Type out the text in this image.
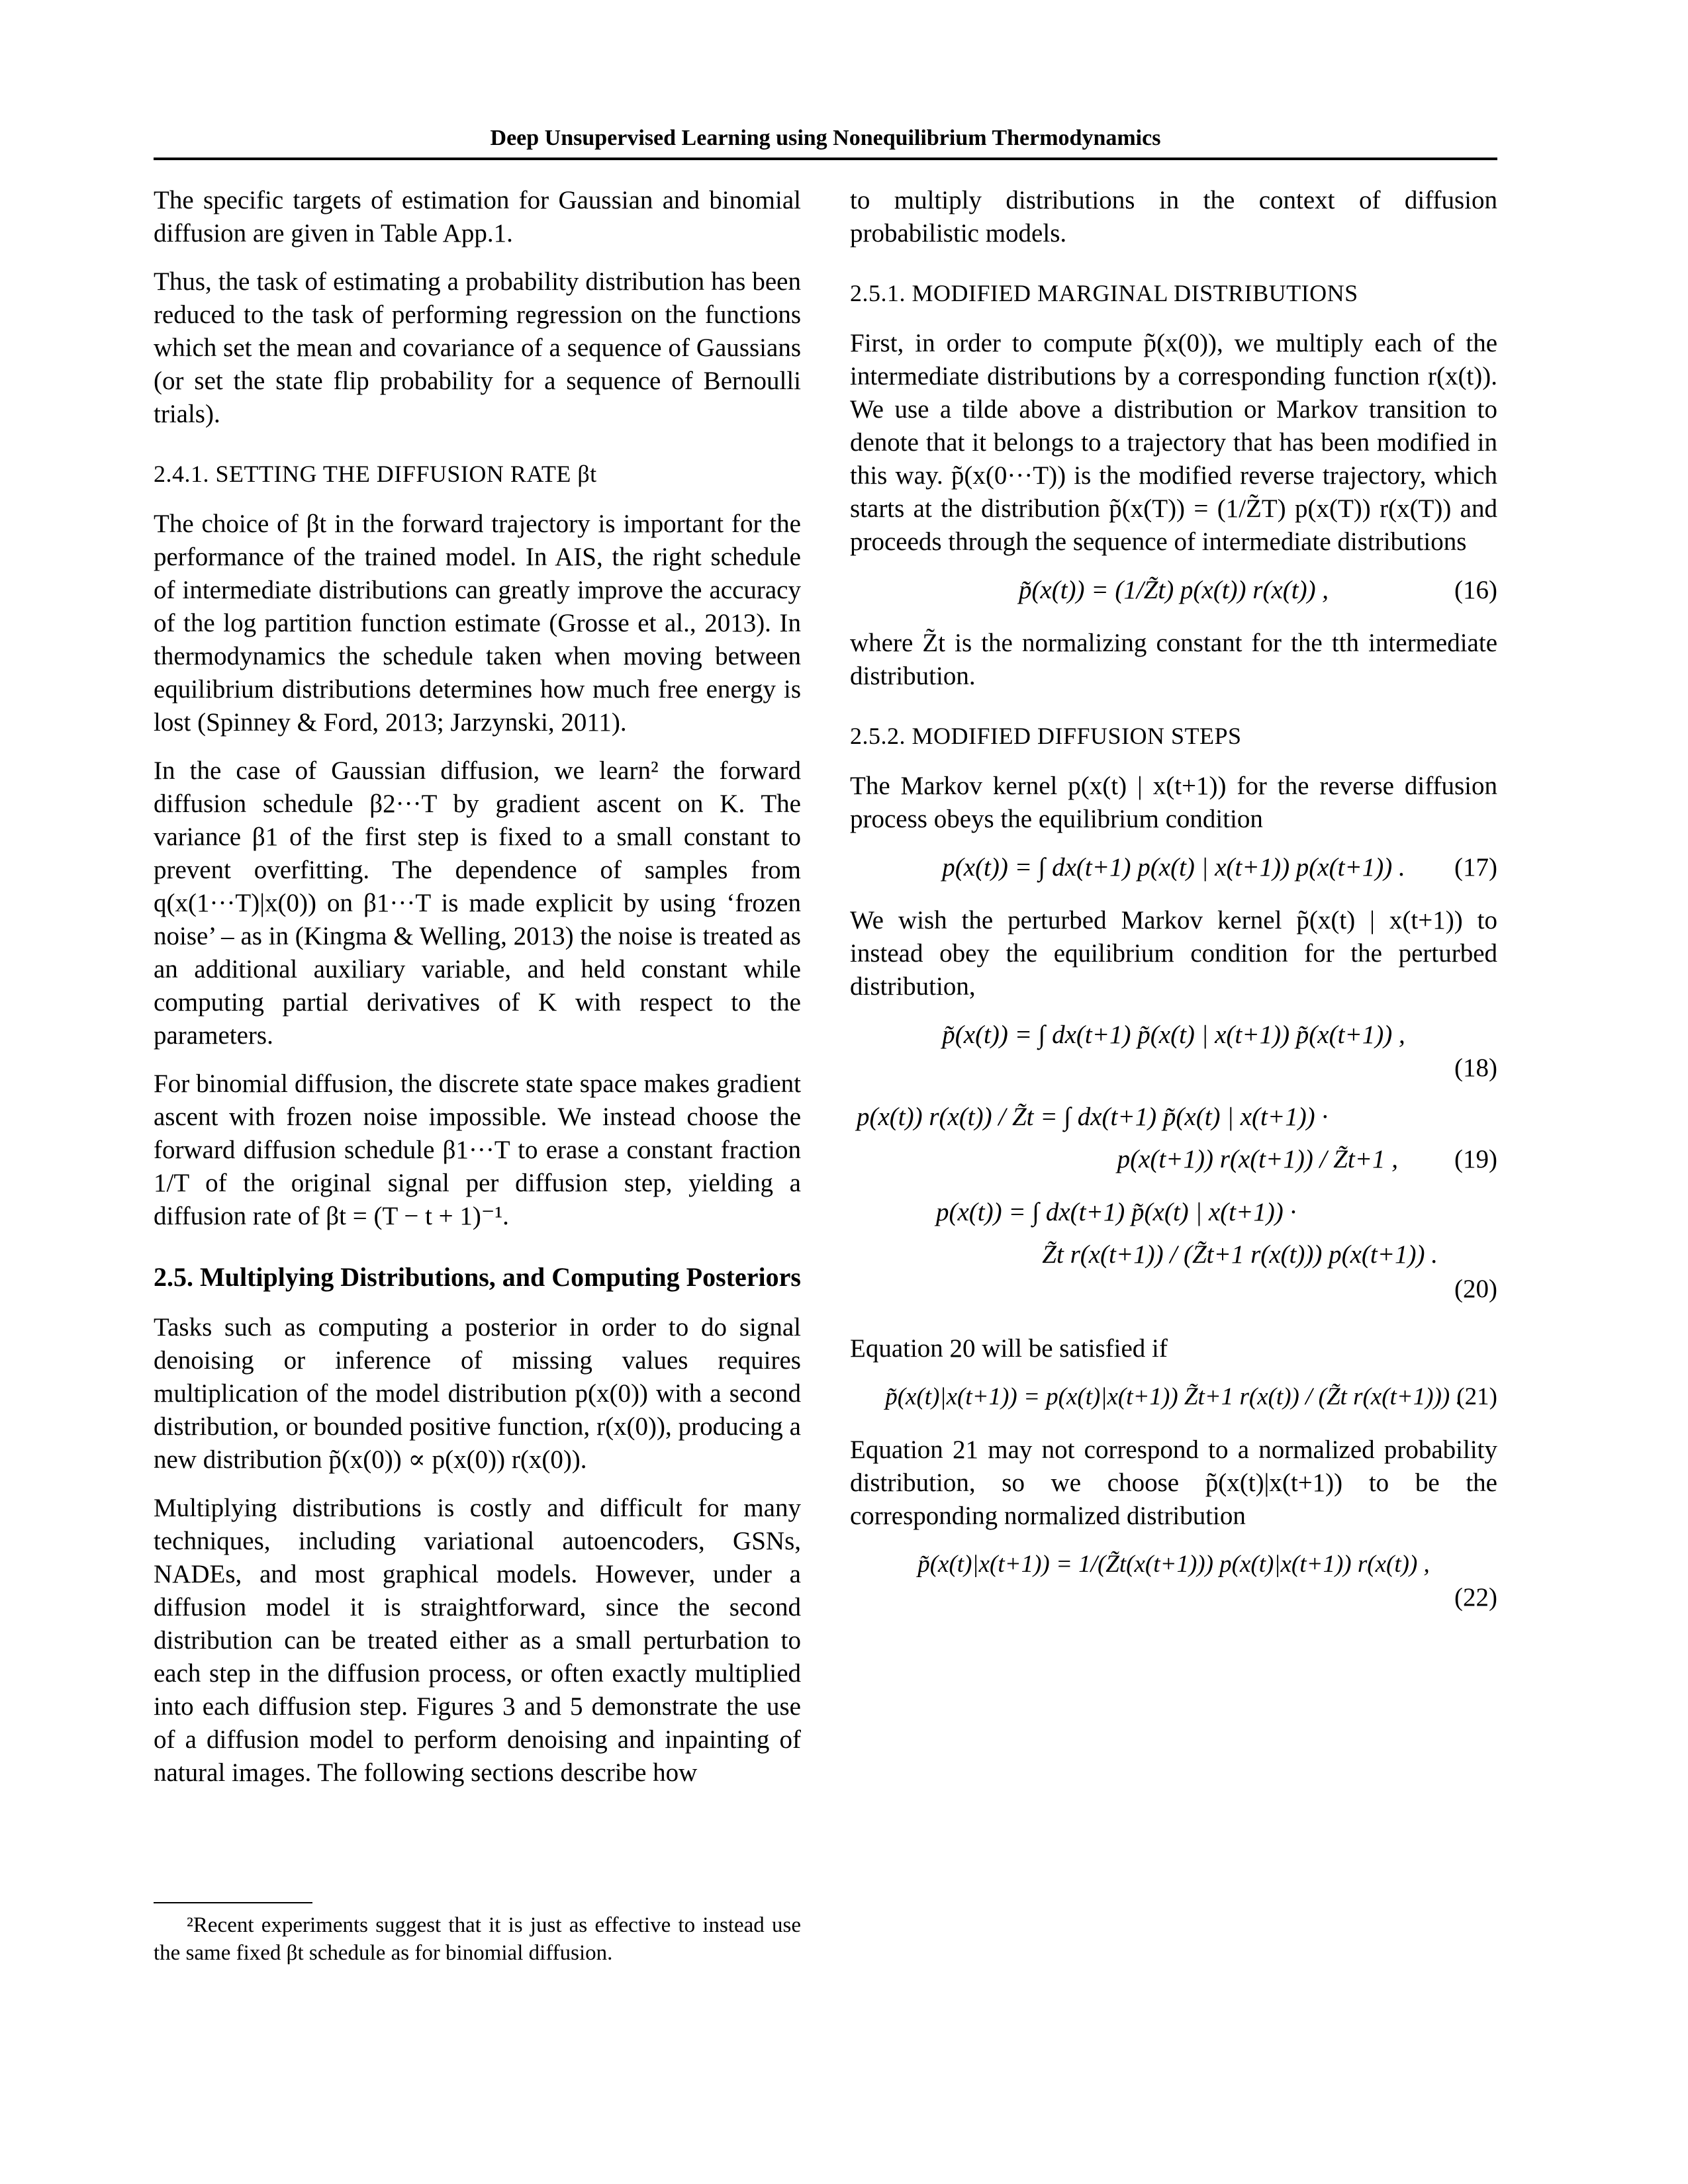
Deep Unsupervised Learning using Nonequilibrium Thermodynamics

The specific targets of estimation for Gaussian and binomial diffusion are given in Table App.1.

Thus, the task of estimating a probability distribution has been reduced to the task of performing regression on the functions which set the mean and covariance of a sequence of Gaussians (or set the state flip probability for a sequence of Bernoulli trials).

2.4.1. SETTING THE DIFFUSION RATE βt

The choice of βt in the forward trajectory is important for the performance of the trained model. In AIS, the right schedule of intermediate distributions can greatly improve the accuracy of the log partition function estimate (Grosse et al., 2013). In thermodynamics the schedule taken when moving between equilibrium distributions determines how much free energy is lost (Spinney & Ford, 2013; Jarzynski, 2011).

In the case of Gaussian diffusion, we learn² the forward diffusion schedule β2···T by gradient ascent on K. The variance β1 of the first step is fixed to a small constant to prevent overfitting. The dependence of samples from q(x(1···T)|x(0)) on β1···T is made explicit by using ‘frozen noise’ – as in (Kingma & Welling, 2013) the noise is treated as an additional auxiliary variable, and held constant while computing partial derivatives of K with respect to the parameters.

For binomial diffusion, the discrete state space makes gradient ascent with frozen noise impossible. We instead choose the forward diffusion schedule β1···T to erase a constant fraction 1/T of the original signal per diffusion step, yielding a diffusion rate of βt = (T − t + 1)⁻¹.

2.5. Multiplying Distributions, and Computing Posteriors

Tasks such as computing a posterior in order to do signal denoising or inference of missing values requires multiplication of the model distribution p(x(0)) with a second distribution, or bounded positive function, r(x(0)), producing a new distribution p̃(x(0)) ∝ p(x(0)) r(x(0)).

Multiplying distributions is costly and difficult for many techniques, including variational autoencoders, GSNs, NADEs, and most graphical models. However, under a diffusion model it is straightforward, since the second distribution can be treated either as a small perturbation to each step in the diffusion process, or often exactly multiplied into each diffusion step. Figures 3 and 5 demonstrate the use of a diffusion model to perform denoising and inpainting of natural images. The following sections describe how

²Recent experiments suggest that it is just as effective to instead use the same fixed βt schedule as for binomial diffusion.

to multiply distributions in the context of diffusion probabilistic models.

2.5.1. MODIFIED MARGINAL DISTRIBUTIONS

First, in order to compute p̃(x(0)), we multiply each of the intermediate distributions by a corresponding function r(x(t)). We use a tilde above a distribution or Markov transition to denote that it belongs to a trajectory that has been modified in this way. p̃(x(0···T)) is the modified reverse trajectory, which starts at the distribution p̃(x(T)) = (1/Z̃T) p(x(T)) r(x(T)) and proceeds through the sequence of intermediate distributions

p̃(x(t)) = (1/Z̃t) p(x(t)) r(x(t)) ,	(16)

where Z̃t is the normalizing constant for the tth intermediate distribution.

2.5.2. MODIFIED DIFFUSION STEPS

The Markov kernel p(x(t) | x(t+1)) for the reverse diffusion process obeys the equilibrium condition

p(x(t)) = ∫ dx(t+1) p(x(t) | x(t+1)) p(x(t+1)) . (17)

We wish the perturbed Markov kernel p̃(x(t) | x(t+1)) to instead obey the equilibrium condition for the perturbed distribution,

p̃(x(t)) = ∫ dx(t+1) p̃(x(t) | x(t+1)) p̃(x(t+1)) ,
(18)
p(x(t)) r(x(t)) / Z̃t = ∫ dx(t+1) p̃(x(t) | x(t+1)) ·
p(x(t+1)) r(x(t+1)) / Z̃t+1 , (19)
p(x(t)) = ∫ dx(t+1) p̃(x(t) | x(t+1)) ·
Z̃t r(x(t+1)) / (Z̃t+1 r(x(t))) p(x(t+1)) .
(20)

Equation 20 will be satisfied if

p̃(x(t)|x(t+1)) = p(x(t)|x(t+1)) Z̃t+1 r(x(t)) / (Z̃t r(x(t+1))) .
(21)

Equation 21 may not correspond to a normalized probability distribution, so we choose p̃(x(t)|x(t+1)) to be the corresponding normalized distribution

p̃(x(t)|x(t+1)) = 1/(Z̃t(x(t+1))) p(x(t)|x(t+1)) r(x(t)) ,
(22)
